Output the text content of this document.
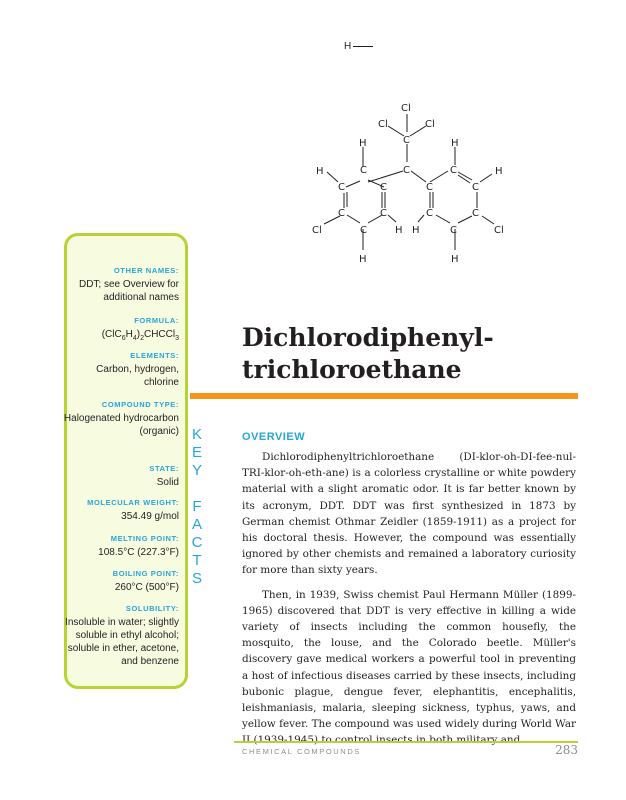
H
Cl
Cl	Cl
C
H	H
C
C	C
H	H
C	C	C	C
C	C	C	C
Cl	C	H H	C	Cl
H	H
OTHER NAMES:
DDT; see Overview for additional names
FORMULA:
$(ClC_6H_4)_2CHCCl_3$
ELEMENTS:
Carbon, hydrogen, chlorine
COMPOUND TYPE:
Halogenated hydrocarbon (organic)
STATE:
Solid
MOLECULAR WEIGHT:
354.49 g/mol
MELTING POINT:
108.5°C (227.3°F)
BOILING POINT:
260°C (500°F)
SOLUBILITY:
Insoluble in water; slightly soluble in ethyl alcohol; soluble in ether, acetone, and benzene
K
E
Y

F
A
C
T
S
Dichlorodiphenyl-
trichloroethane
OVERVIEW

Dichlorodiphenyltrichloroethane (DI-klor-oh-DI-fee-nul-TRI-klor-oh-eth-ane) is a colorless crystalline or white powdery material with a slight aromatic odor. It is far better known by its acronym, DDT. DDT was first synthesized in 1873 by German chemist Othmar Zeidler (1859-1911) as a project for his doctoral thesis. However, the compound was essentially ignored by other chemists and remained a laboratory curiosity for more than sixty years.

Then, in 1939, Swiss chemist Paul Hermann Müller (1899-1965) discovered that DDT is very effective in killing a wide variety of insects including the common housefly, the mosquito, the louse, and the Colorado beetle. Müller's discovery gave medical workers a powerful tool in preventing a host of infectious diseases carried by these insects, including bubonic plague, dengue fever, elephantitis, encephalitis, leishmaniasis, malaria, sleeping sickness, typhus, yaws, and yellow fever. The compound was used widely during World War

CHEMICAL COMPOUNDS	283
